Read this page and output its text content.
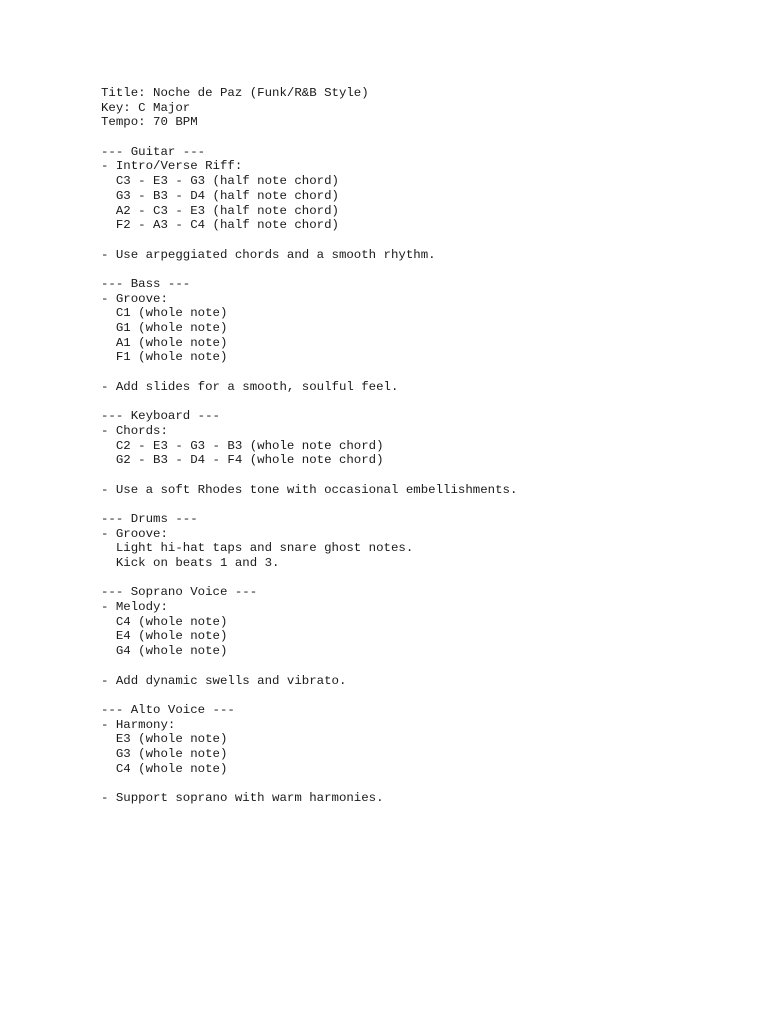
Title: Noche de Paz (Funk/R&B Style)
Key: C Major
Tempo: 70 BPM
--- Guitar ---
- Intro/Verse Riff:
C3 - E3 - G3 (half note chord)
G3 - B3 - D4 (half note chord)
A2 - C3 - E3 (half note chord)
F2 - A3 - C4 (half note chord)
- Use arpeggiated chords and a smooth rhythm.
--- Bass ---
- Groove:
C1 (whole note)
G1 (whole note)
A1 (whole note)
F1 (whole note)
- Add slides for a smooth, soulful feel.
--- Keyboard ---
- Chords:
C2 - E3 - G3 - B3 (whole note chord)
G2 - B3 - D4 - F4 (whole note chord)
- Use a soft Rhodes tone with occasional embellishments.
--- Drums ---
- Groove:
Light hi-hat taps and snare ghost notes.
Kick on beats 1 and 3.
--- Soprano Voice ---
- Melody:
C4 (whole note)
E4 (whole note)
G4 (whole note)
- Add dynamic swells and vibrato.
--- Alto Voice ---
- Harmony:
E3 (whole note)
G3 (whole note)
C4 (whole note)
- Support soprano with warm harmonies.
